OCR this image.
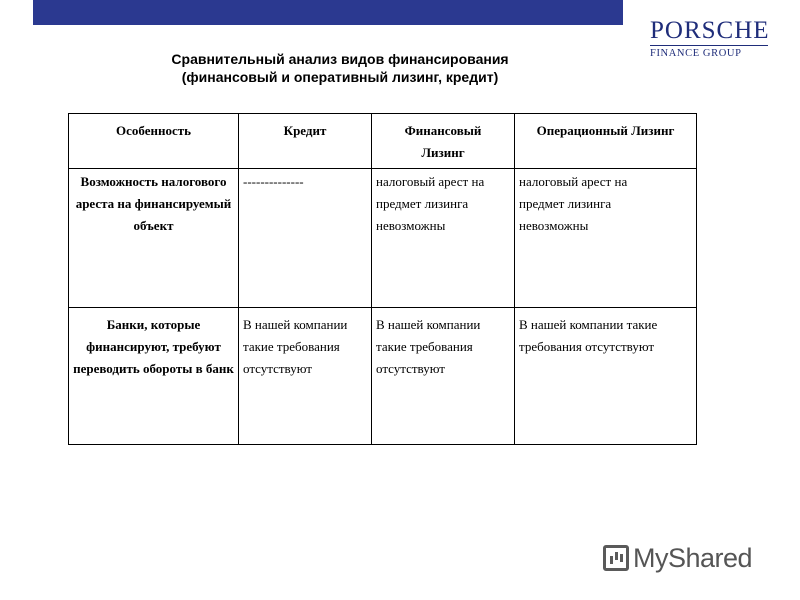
PORSCHE
FINANCE GROUP
Сравнительный анализ видов финансирования
(финансовый и оперативный лизинг, кредит)
Особенность	Кредит	Финансовый Лизинг	Операционный Лизинг
Возможность налогового ареста на финансируемый объект	--------------	налоговый арест на предмет лизинга невозможны	налоговый арест на предмет лизинга невозможны
Банки, которые финансируют, требуют переводить обороты в банк	В нашей компании такие требования отсутствуют	В нашей компании такие требования отсутствуют	В нашей компании такие требования отсутствуют
MyShared
